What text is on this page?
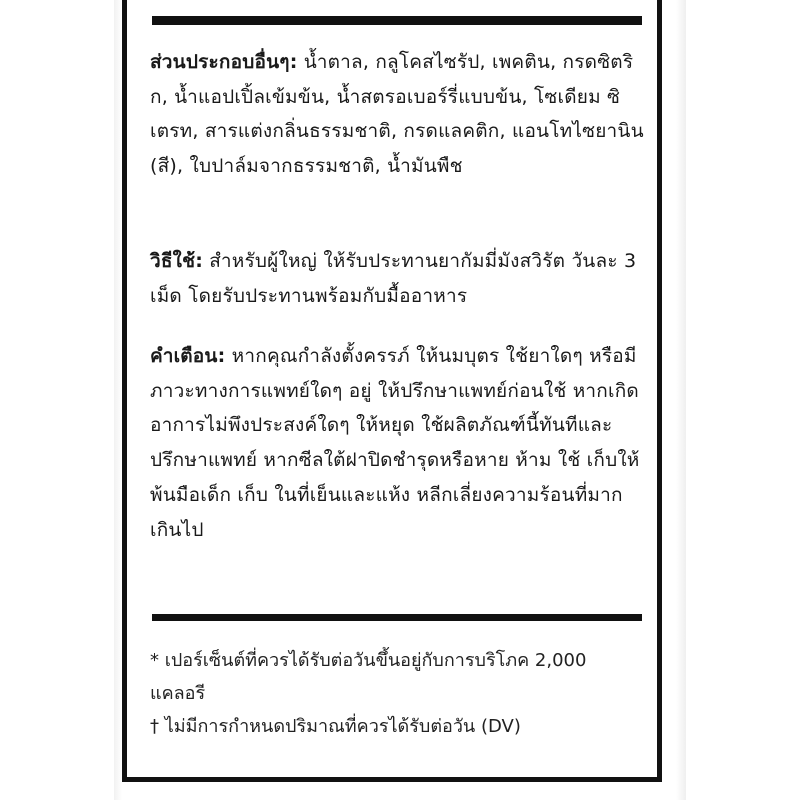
ส่วนประกอบอื่นๆ: น้ำตาล, กลูโคสไซรัป, เพคติน, กรดซิตริก, น้ำแอปเปิ้ลเข้มข้น, น้ำสตรอเบอร์รี่แบบข้น, โซเดียม ซิเตรท, สารแต่งกลิ่นธรรมชาติ, กรดแลคติก, แอนโทไซยานิน (สี), ใบปาล์มจากธรรมชาติ, น้ำมันพืช
วิธีใช้: สำหรับผู้ใหญ่ ให้รับประทานยากัมมี่มังสวิรัต วันละ 3 เม็ด โดยรับประทานพร้อมกับมื้ออาหาร
คำเตือน: หากคุณกำลังตั้งครรภ์ ให้นมบุตร ใช้ยาใดๆ หรือมีภาวะทางการแพทย์ใดๆ อยู่ ให้ปรึกษาแพทย์ก่อนใช้ หากเกิดอาการไม่พึงประสงค์ใดๆ ให้หยุด ใช้ผลิตภัณฑ์นี้ทันทีและปรึกษาแพทย์ หากซีลใต้ฝาปิดชำรุดหรือหาย ห้าม ใช้ เก็บให้พ้นมือเด็ก เก็บ ในที่เย็นและแห้ง หลีกเลี่ยงความร้อนที่มากเกินไป
* เปอร์เซ็นต์ที่ควรได้รับต่อวันขึ้นอยู่กับการบริโภค 2,000 แคลอรี
† ไม่มีการกำหนดปริมาณที่ควรได้รับต่อวัน (DV)
